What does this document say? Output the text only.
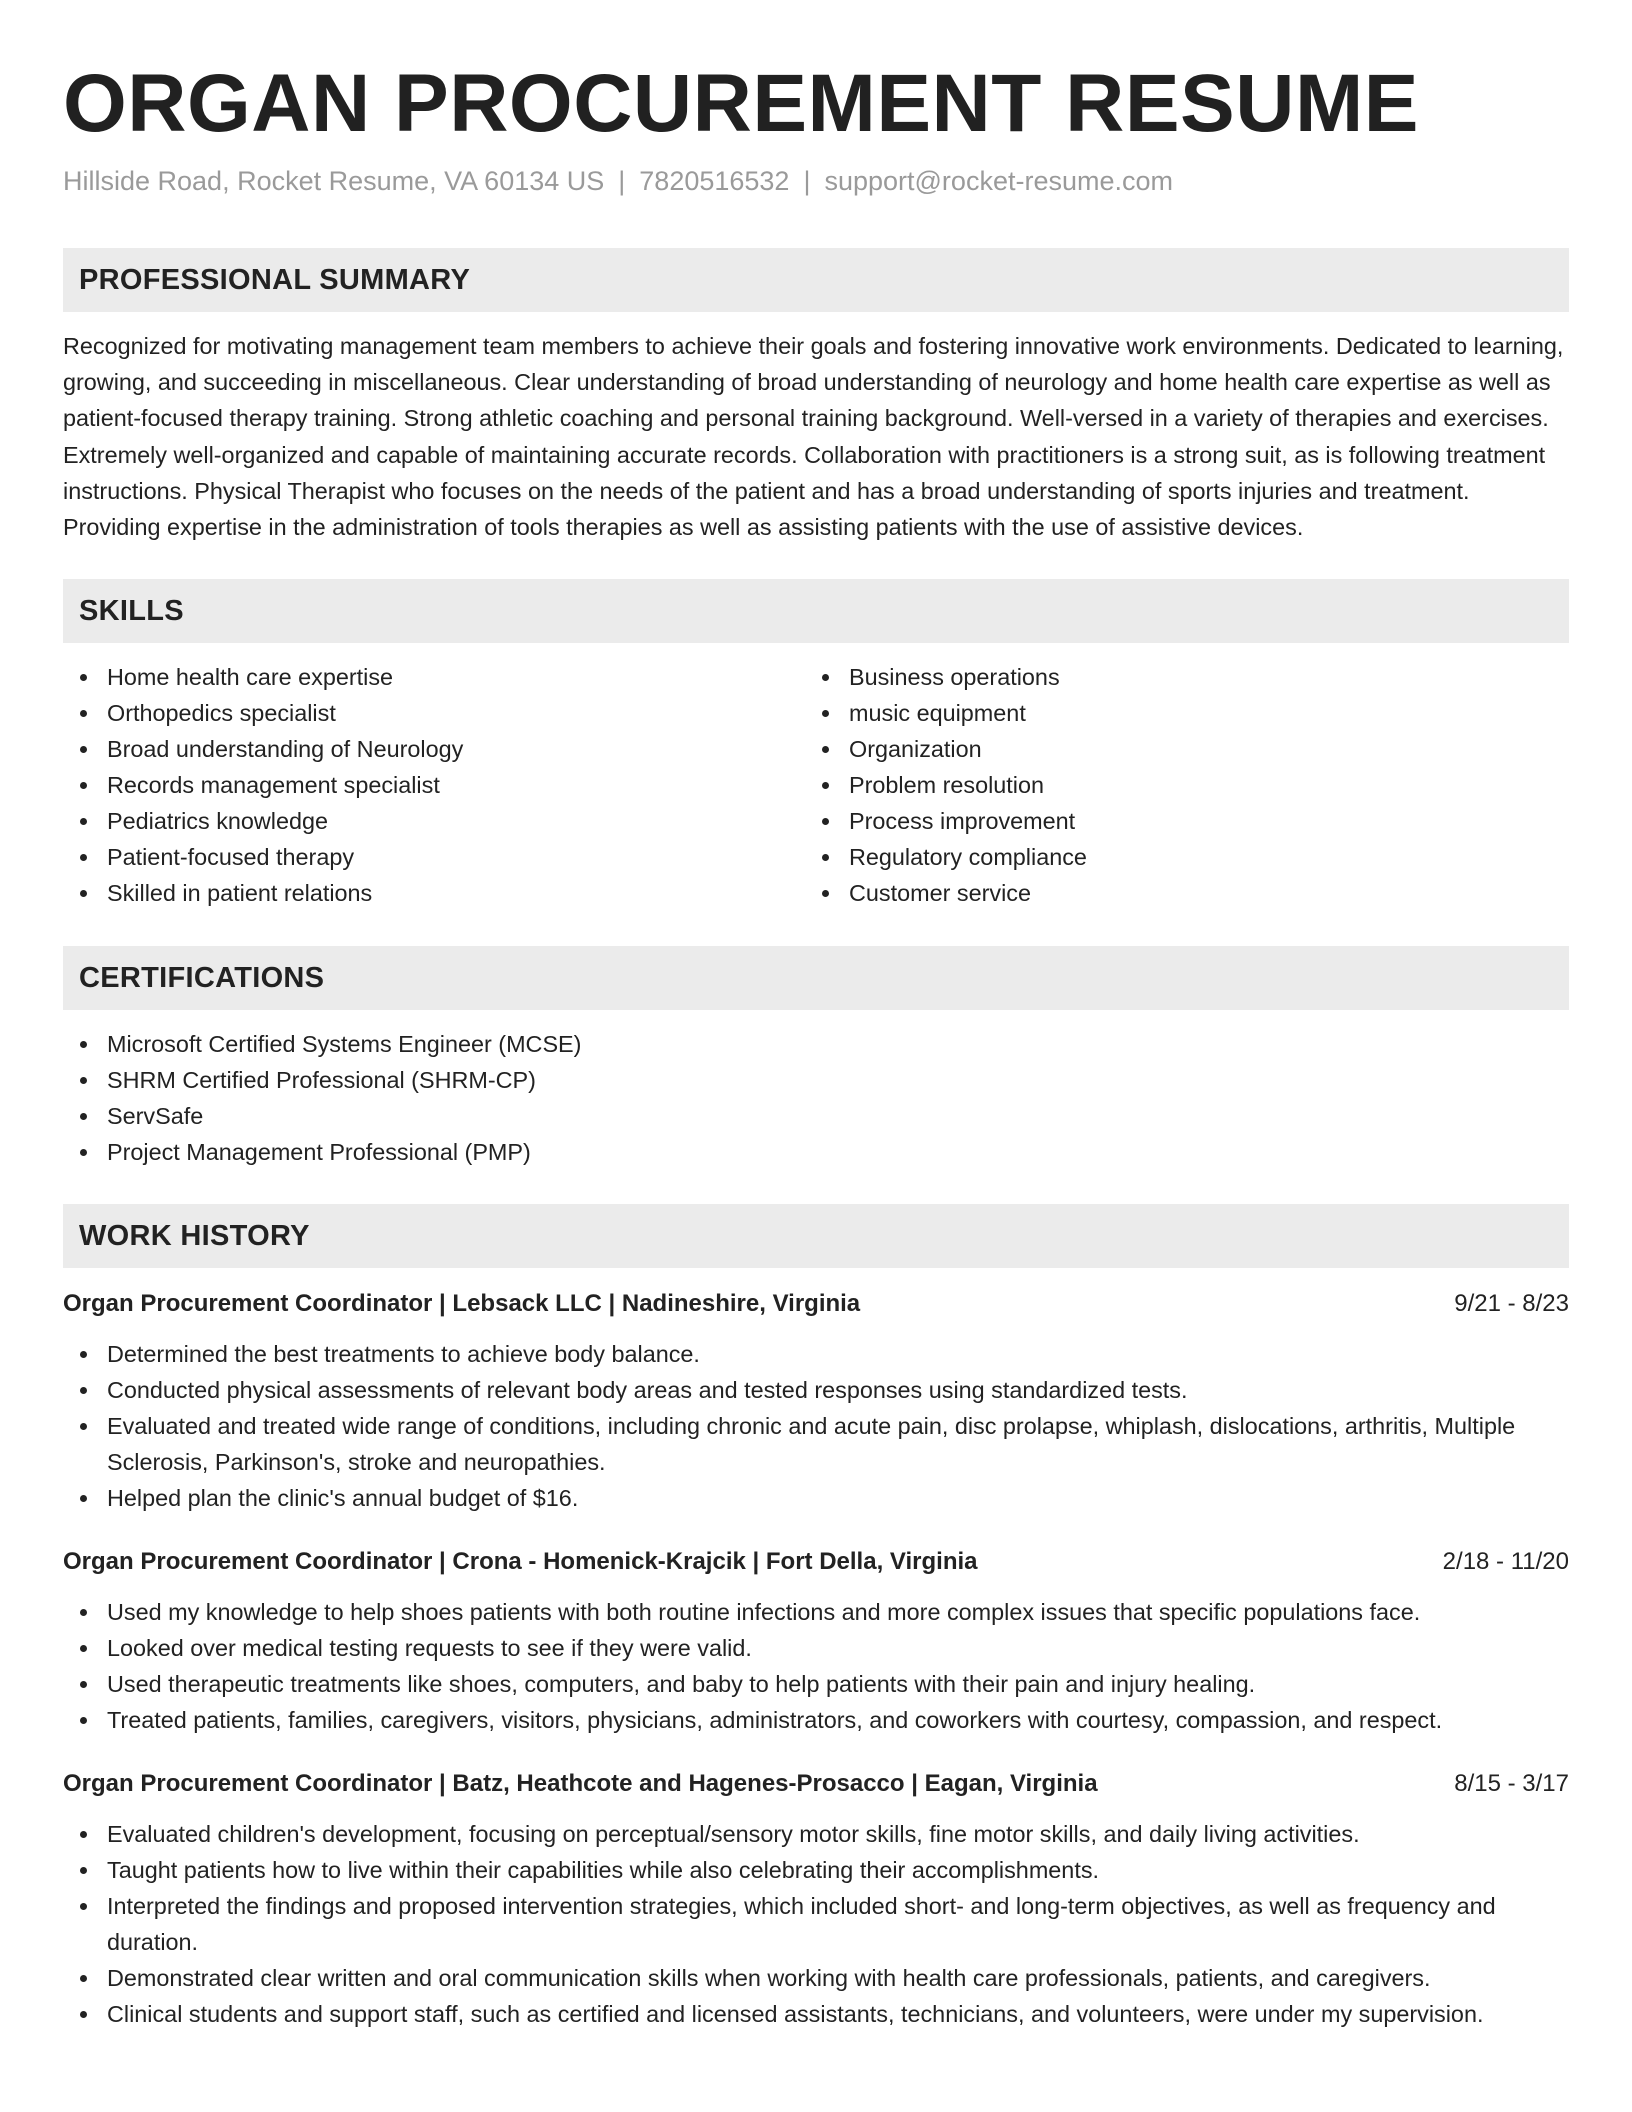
ORGAN PROCUREMENT RESUME
Hillside Road, Rocket Resume, VA 60134 US | 7820516532 | support@rocket-resume.com
PROFESSIONAL SUMMARY

Recognized for motivating management team members to achieve their goals and fostering innovative work environments. Dedicated to learning, growing, and succeeding in miscellaneous. Clear understanding of broad understanding of neurology and home health care expertise as well as patient-focused therapy training. Strong athletic coaching and personal training background. Well-versed in a variety of therapies and exercises. Extremely well-organized and capable of maintaining accurate records. Collaboration with practitioners is a strong suit, as is following treatment instructions. Physical Therapist who focuses on the needs of the patient and has a broad understanding of sports injuries and treatment. Providing expertise in the administration of tools therapies as well as assisting patients with the use of assistive devices.

SKILLS
Home health care expertise
Orthopedics specialist
Broad understanding of Neurology
Records management specialist
Pediatrics knowledge
Patient-focused therapy
Skilled in patient relations
Business operations
music equipment
Organization
Problem resolution
Process improvement
Regulatory compliance
Customer service
CERTIFICATIONS
Microsoft Certified Systems Engineer (MCSE)
SHRM Certified Professional (SHRM-CP)
ServSafe
Project Management Professional (PMP)
WORK HISTORY
Organ Procurement Coordinator | Lebsack LLC | Nadineshire, Virginia	9/21 - 8/23
Determined the best treatments to achieve body balance.
Conducted physical assessments of relevant body areas and tested responses using standardized tests.
Evaluated and treated wide range of conditions, including chronic and acute pain, disc prolapse, whiplash, dislocations, arthritis, Multiple Sclerosis, Parkinson's, stroke and neuropathies.
Helped plan the clinic's annual budget of $16.
Organ Procurement Coordinator | Crona - Homenick-Krajcik | Fort Della, Virginia	2/18 - 11/20
Used my knowledge to help shoes patients with both routine infections and more complex issues that specific populations face.
Looked over medical testing requests to see if they were valid.
Used therapeutic treatments like shoes, computers, and baby to help patients with their pain and injury healing.
Treated patients, families, caregivers, visitors, physicians, administrators, and coworkers with courtesy, compassion, and respect.
Organ Procurement Coordinator | Batz, Heathcote and Hagenes-Prosacco | Eagan, Virginia	8/15 - 3/17
Evaluated children's development, focusing on perceptual/sensory motor skills, fine motor skills, and daily living activities.
Taught patients how to live within their capabilities while also celebrating their accomplishments.
Interpreted the findings and proposed intervention strategies, which included short- and long-term objectives, as well as frequency and duration.
Demonstrated clear written and oral communication skills when working with health care professionals, patients, and caregivers.
Clinical students and support staff, such as certified and licensed assistants, technicians, and volunteers, were under my supervision.
